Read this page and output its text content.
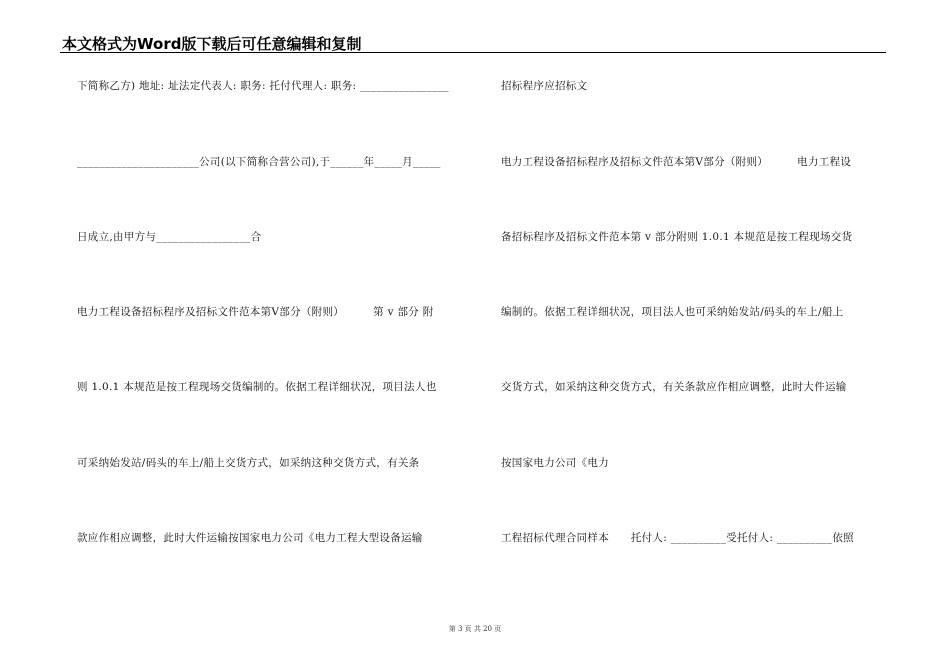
本文格式为Word版下载后可任意编辑和复制
下简称乙方) 地址: 址法定代表人: 职务: 托付代理人: 职务: ________________
______________________公司(以下简称合营公司),于______年_____月_____
日成立,由甲方与_________________合
电力工程设备招标程序及招标文件范本第Ⅴ部分（附则）        第 v 部分 附
则 1.0.1 本规范是按工程现场交货编制的。依据工程详细状况，项目法人也
可采纳始发站/码头的车上/船上交货方式，如采纳这种交货方式，有关条
款应作相应调整，此时大件运输按国家电力公司《电力工程大型设备运输
招标程序应招标文
电力工程设备招标程序及招标文件范本第Ⅴ部分（附则）        电力工程设
备招标程序及招标文件范本第 v 部分附则 1.0.1 本规范是按工程现场交货
编制的。依据工程详细状况，项目法人也可采纳始发站/码头的车上/船上
交货方式，如采纳这种交货方式，有关条款应作相应调整，此时大件运输
按国家电力公司《电力
工程招标代理合同样本      托付人: __________受托付人: __________依照
第 3 页 共 20 页
